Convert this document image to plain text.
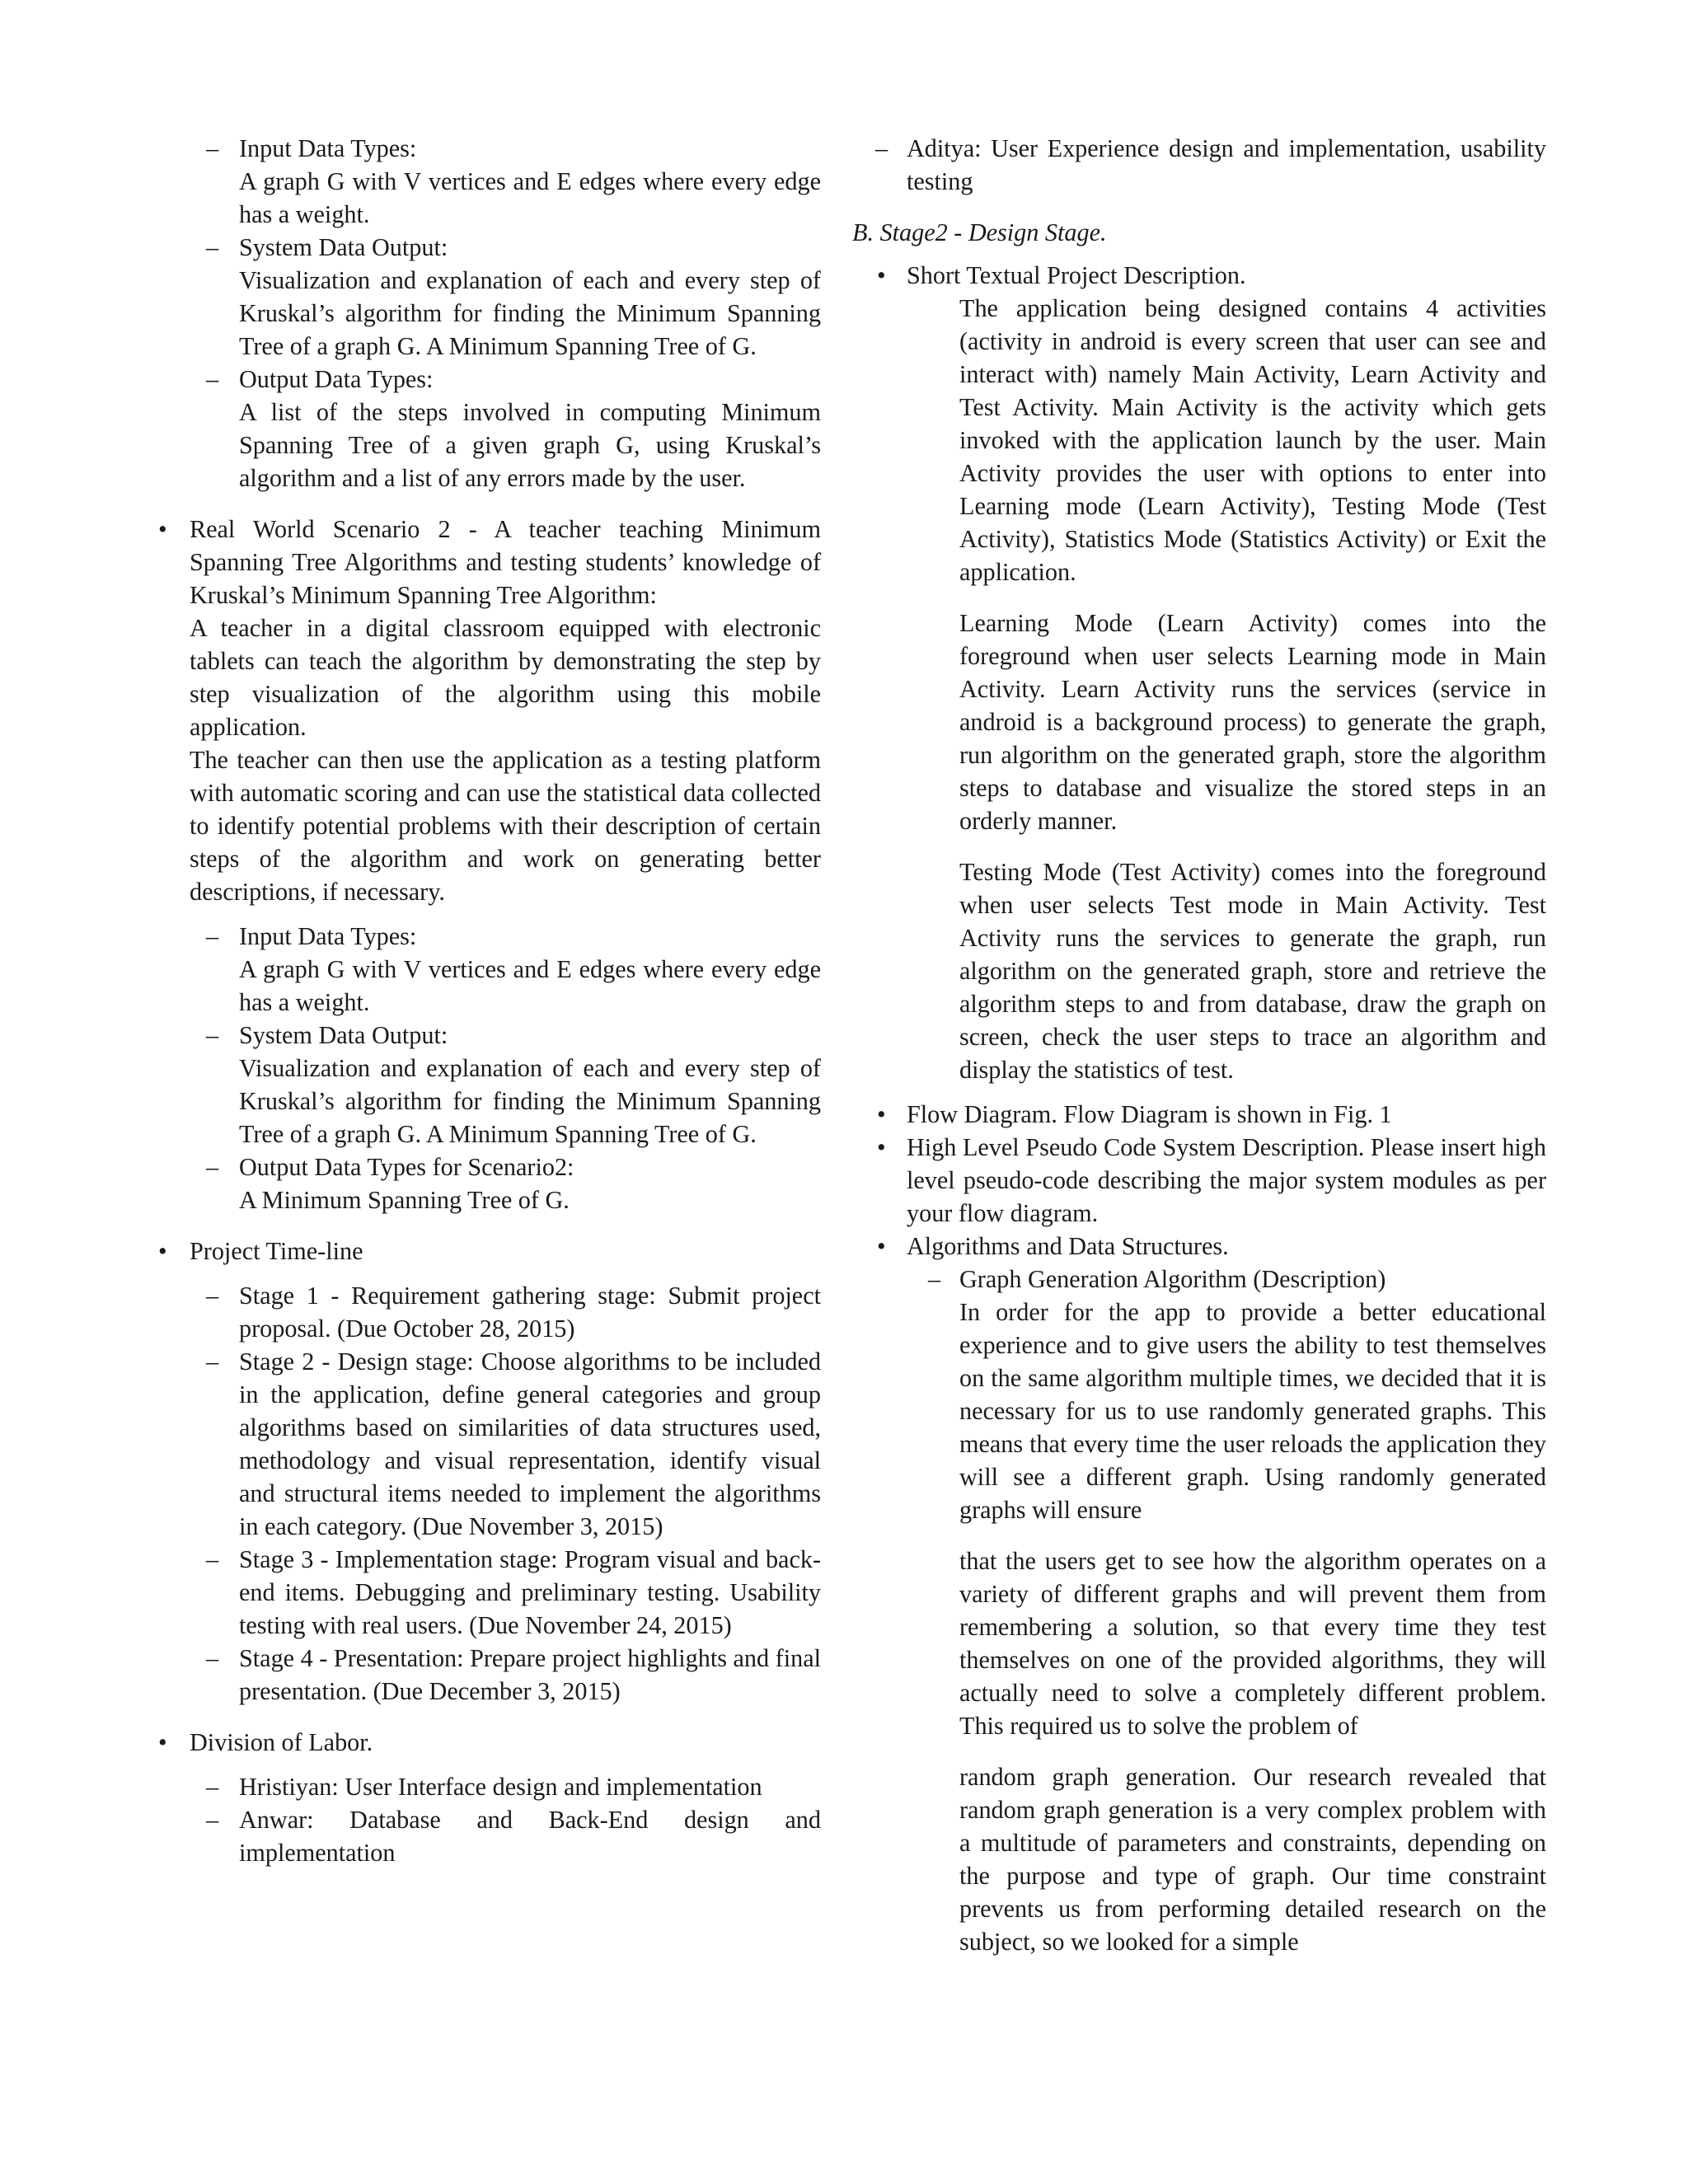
– Input Data Types:

A graph G with V vertices and E edges where every edge has a weight.

– System Data Output:

Visualization and explanation of each and every step of Kruskal’s algorithm for finding the Minimum Spanning Tree of a graph G. A Minimum Spanning Tree of G.

– Output Data Types:

A list of the steps involved in computing Minimum Spanning Tree of a given graph G, using Kruskal’s algorithm and a list of any errors made by the user.

• Real World Scenario 2 - A teacher teaching Minimum Spanning Tree Algorithms and testing students’ knowledge of Kruskal’s Minimum Spanning Tree Algorithm:

A teacher in a digital classroom equipped with electronic tablets can teach the algorithm by demonstrating the step by step visualization of the algorithm using this mobile application.

The teacher can then use the application as a testing platform with automatic scoring and can use the statistical data collected to identify potential problems with their description of certain steps of the algorithm and work on generating better descriptions, if necessary.

– Input Data Types:

A graph G with V vertices and E edges where every edge has a weight.

– System Data Output:

Visualization and explanation of each and every step of Kruskal’s algorithm for finding the Minimum Spanning Tree of a graph G. A Minimum Spanning Tree of G.

– Output Data Types for Scenario2:

A Minimum Spanning Tree of G.

• Project Time-line

– Stage 1 - Requirement gathering stage: Submit project proposal. (Due October 28, 2015)

– Stage 2 - Design stage: Choose algorithms to be included in the application, define general categories and group algorithms based on similarities of data structures used, methodology and visual representation, identify visual and structural items needed to implement the algorithms in each category. (Due November 3, 2015)

– Stage 3 - Implementation stage: Program visual and back-end items. Debugging and preliminary testing. Usability testing with real users. (Due November 24, 2015)

– Stage 4 - Presentation: Prepare project highlights and final presentation. (Due December 3, 2015)

• Division of Labor.

– Hristiyan: User Interface design and implementation

– Anwar: Database and Back-End design and implementation

– Aditya: User Experience design and implementation, usability testing

B. Stage2 - Design Stage.

• Short Textual Project Description.

The application being designed contains 4 activities (activity in android is every screen that user can see and interact with) namely Main Activity, Learn Activity and Test Activity. Main Activity is the activity which gets invoked with the application launch by the user. Main Activity provides the user with options to enter into Learning mode (Learn Activity), Testing Mode (Test Activity), Statistics Mode (Statistics Activity) or Exit the application.

Learning Mode (Learn Activity) comes into the foreground when user selects Learning mode in Main Activity. Learn Activity runs the services (service in android is a background process) to generate the graph, run algorithm on the generated graph, store the algorithm steps to database and visualize the stored steps in an orderly manner.

Testing Mode (Test Activity) comes into the foreground when user selects Test mode in Main Activity. Test Activity runs the services to generate the graph, run algorithm on the generated graph, store and retrieve the algorithm steps to and from database, draw the graph on screen, check the user steps to trace an algorithm and display the statistics of test.

• Flow Diagram. Flow Diagram is shown in Fig. 1

• High Level Pseudo Code System Description. Please insert high level pseudo-code describing the major system modules as per your flow diagram.

• Algorithms and Data Structures.

– Graph Generation Algorithm (Description)

In order for the app to provide a better educational experience and to give users the ability to test themselves on the same algorithm multiple times, we decided that it is necessary for us to use randomly generated graphs. This means that every time the user reloads the application they will see a different graph. Using randomly generated graphs will ensure

that the users get to see how the algorithm operates on a variety of different graphs and will prevent them from remembering a solution, so that every time they test themselves on one of the provided algorithms, they will actually need to solve a completely different problem. This required us to solve the problem of

random graph generation. Our research revealed that random graph generation is a very complex problem with a multitude of parameters and constraints, depending on the purpose and type of graph. Our time constraint prevents us from performing detailed research on the subject, so we looked for a simple
